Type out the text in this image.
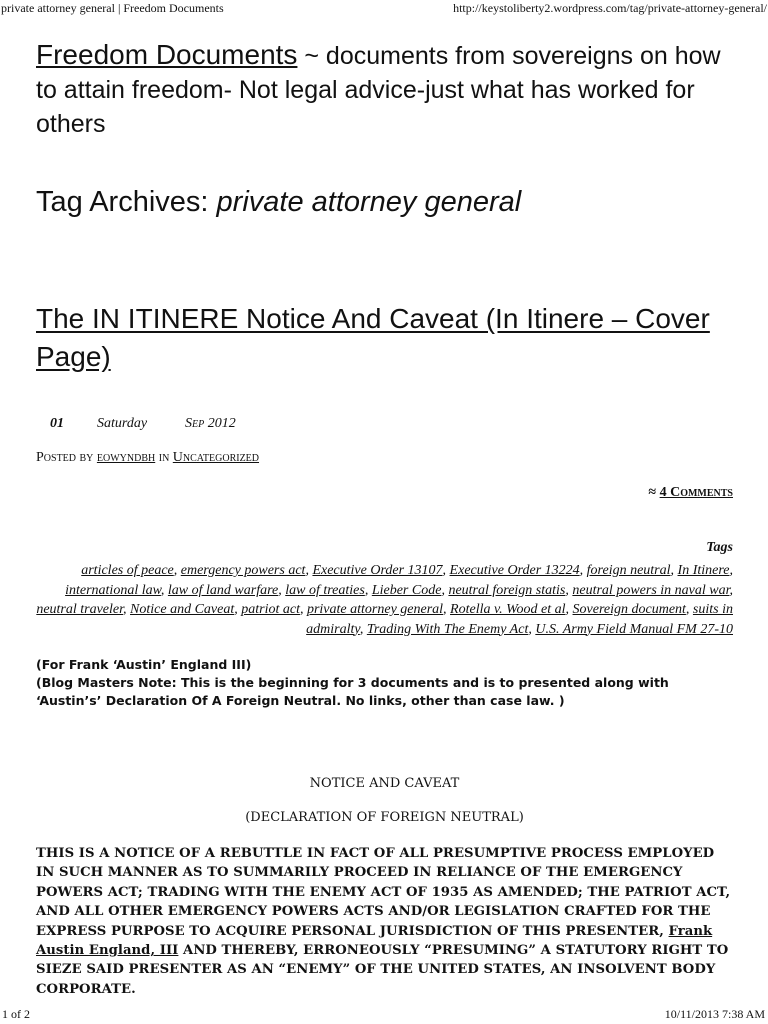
private attorney general | Freedom Documents	http://keystoliberty2.wordpress.com/tag/private-attorney-general/
Freedom Documents ~ documents from sovereigns on how to attain freedom- Not legal advice-just what has worked for others
Tag Archives: private attorney general
The IN ITINERE Notice And Caveat (In Itinere – Cover Page)
01	Saturday	Sep 2012
Posted by eowyndbh in Uncategorized
≈ 4 Comments
Tags
articles of peace, emergency powers act, Executive Order 13107, Executive Order 13224, foreign neutral, In Itinere, international law, law of land warfare, law of treaties, Lieber Code, neutral foreign statis, neutral powers in naval war, neutral traveler, Notice and Caveat, patriot act, private attorney general, Rotella v. Wood et al, Sovereign document, suits in admiralty, Trading With The Enemy Act, U.S. Army Field Manual FM 27-10

(For Frank ‘Austin’ England III)

(Blog Masters Note: This is the beginning for 3 documents and is to presented along with ‘Austin’s’ Declaration Of A Foreign Neutral. No links, other than case law. )

NOTICE AND CAVEAT
(DECLARATION OF FOREIGN NEUTRAL)

THIS IS A NOTICE OF A REBUTTLE IN FACT OF ALL PRESUMPTIVE PROCESS EMPLOYED IN SUCH MANNER AS TO SUMMARILY PROCEED IN RELIANCE OF THE EMERGENCY POWERS ACT; TRADING WITH THE ENEMY ACT OF 1935 AS AMENDED; THE PATRIOT ACT, AND ALL OTHER EMERGENCY POWERS ACTS AND/OR LEGISLATION CRAFTED FOR THE EXPRESS PURPOSE TO ACQUIRE PERSONAL JURISDICTION OF THIS PRESENTER, Frank Austin England, III AND THEREBY, ERRONEOUSLY “PRESUMING” A STATUTORY RIGHT TO SIEZE SAID PRESENTER AS AN “ENEMY” OF THE UNITED STATES, AN INSOLVENT BODY CORPORATE.

1 of 2	10/11/2013 7:38 AM
